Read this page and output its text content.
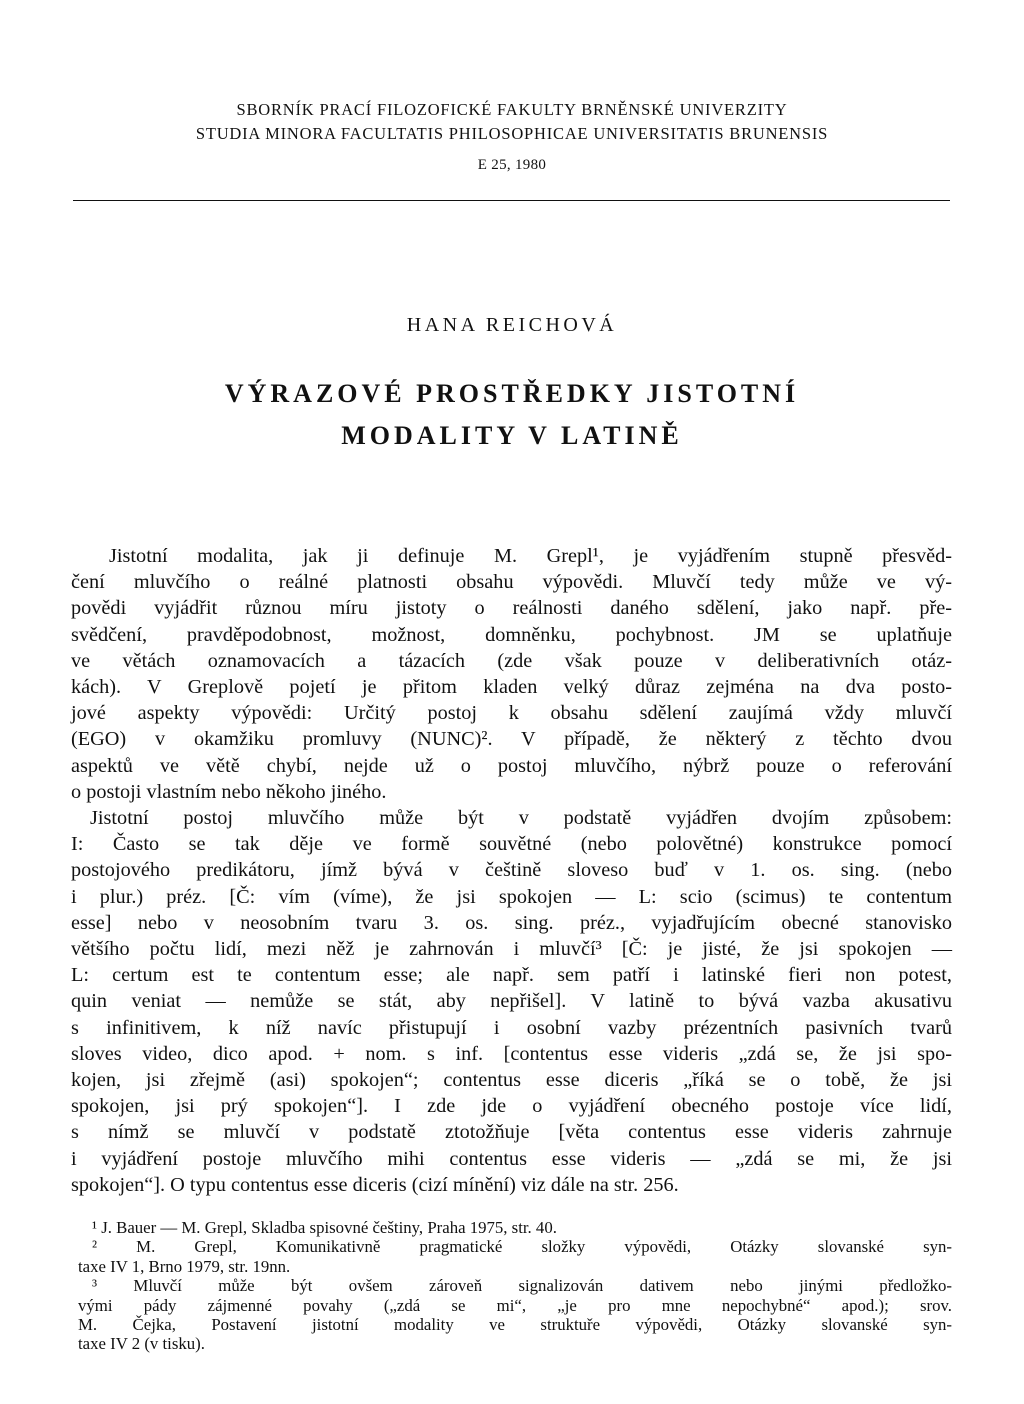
SBORNÍK PRACÍ FILOZOFICKÉ FAKULTY BRNĚNSKÉ UNIVERZITY
STUDIA MINORA FACULTATIS PHILOSOPHICAE UNIVERSITATIS BRUNENSIS
E 25, 1980
HANA REICHOVÁ
VÝRAZOVÉ PROSTŘEDKY JISTOTNÍ
MODALITY V LATINĚ
Jistotní modalita, jak ji definuje M. Grepl¹, je vyjádřením stupně přesvěd-
čení mluvčího o reálné platnosti obsahu výpovědi. Mluvčí tedy může ve vý-
povědi vyjádřit různou míru jistoty o reálnosti daného sdělení, jako např. pře-
svědčení, pravděpodobnost, možnost, domněnku, pochybnost. JM se uplatňuje
ve větách oznamovacích a tázacích (zde však pouze v deliberativních otáz-
kách). V Greplově pojetí je přitom kladen velký důraz zejména na dva posto-
jové aspekty výpovědi: Určitý postoj k obsahu sdělení zaujímá vždy mluvčí
(EGO) v okamžiku promluvy (NUNC)². V případě, že některý z těchto dvou
aspektů ve větě chybí, nejde už o postoj mluvčího, nýbrž pouze o referování
o postoji vlastním nebo někoho jiného.
Jistotní postoj mluvčího může být v podstatě vyjádřen dvojím způsobem:
I: Často se tak děje ve formě souvětné (nebo polovětné) konstrukce pomocí
postojového predikátoru, jímž bývá v češtině sloveso buď v 1. os. sing. (nebo
i plur.) préz. [Č: vím (víme), že jsi spokojen — L: scio (scimus) te contentum
esse] nebo v neosobním tvaru 3. os. sing. préz., vyjadřujícím obecné stanovisko
většího počtu lidí, mezi něž je zahrnován i mluvčí³ [Č: je jisté, že jsi spokojen —
L: certum est te contentum esse; ale např. sem patří i latinské fieri non potest,
quin veniat — nemůže se stát, aby nepřišel]. V latině to bývá vazba akusativu
s infinitivem, k níž navíc přistupují i osobní vazby prézentních pasivních tvarů
sloves video, dico apod. + nom. s inf. [contentus esse videris „zdá se, že jsi spo-
kojen, jsi zřejmě (asi) spokojen“; contentus esse diceris „říká se o tobě, že jsi
spokojen, jsi prý spokojen“]. I zde jde o vyjádření obecného postoje více lidí,
s nímž se mluvčí v podstatě ztotožňuje [věta contentus esse videris zahrnuje
i vyjádření postoje mluvčího mihi contentus esse videris — „zdá se mi, že jsi
spokojen“]. O typu contentus esse diceris (cizí mínění) viz dále na str. 256.
¹ J. Bauer — M. Grepl, Skladba spisovné češtiny, Praha 1975, str. 40.
² M. Grepl, Komunikativně pragmatické složky výpovědi, Otázky slovanské syn-
taxe IV 1, Brno 1979, str. 19nn.
³ Mluvčí může být ovšem zároveň signalizován dativem nebo jinými předložko-
vými pády zájmenné povahy („zdá se mi“, „je pro mne nepochybné“ apod.); srov.
M. Čejka, Postavení jistotní modality ve struktuře výpovědi, Otázky slovanské syn-
taxe IV 2 (v tisku).
